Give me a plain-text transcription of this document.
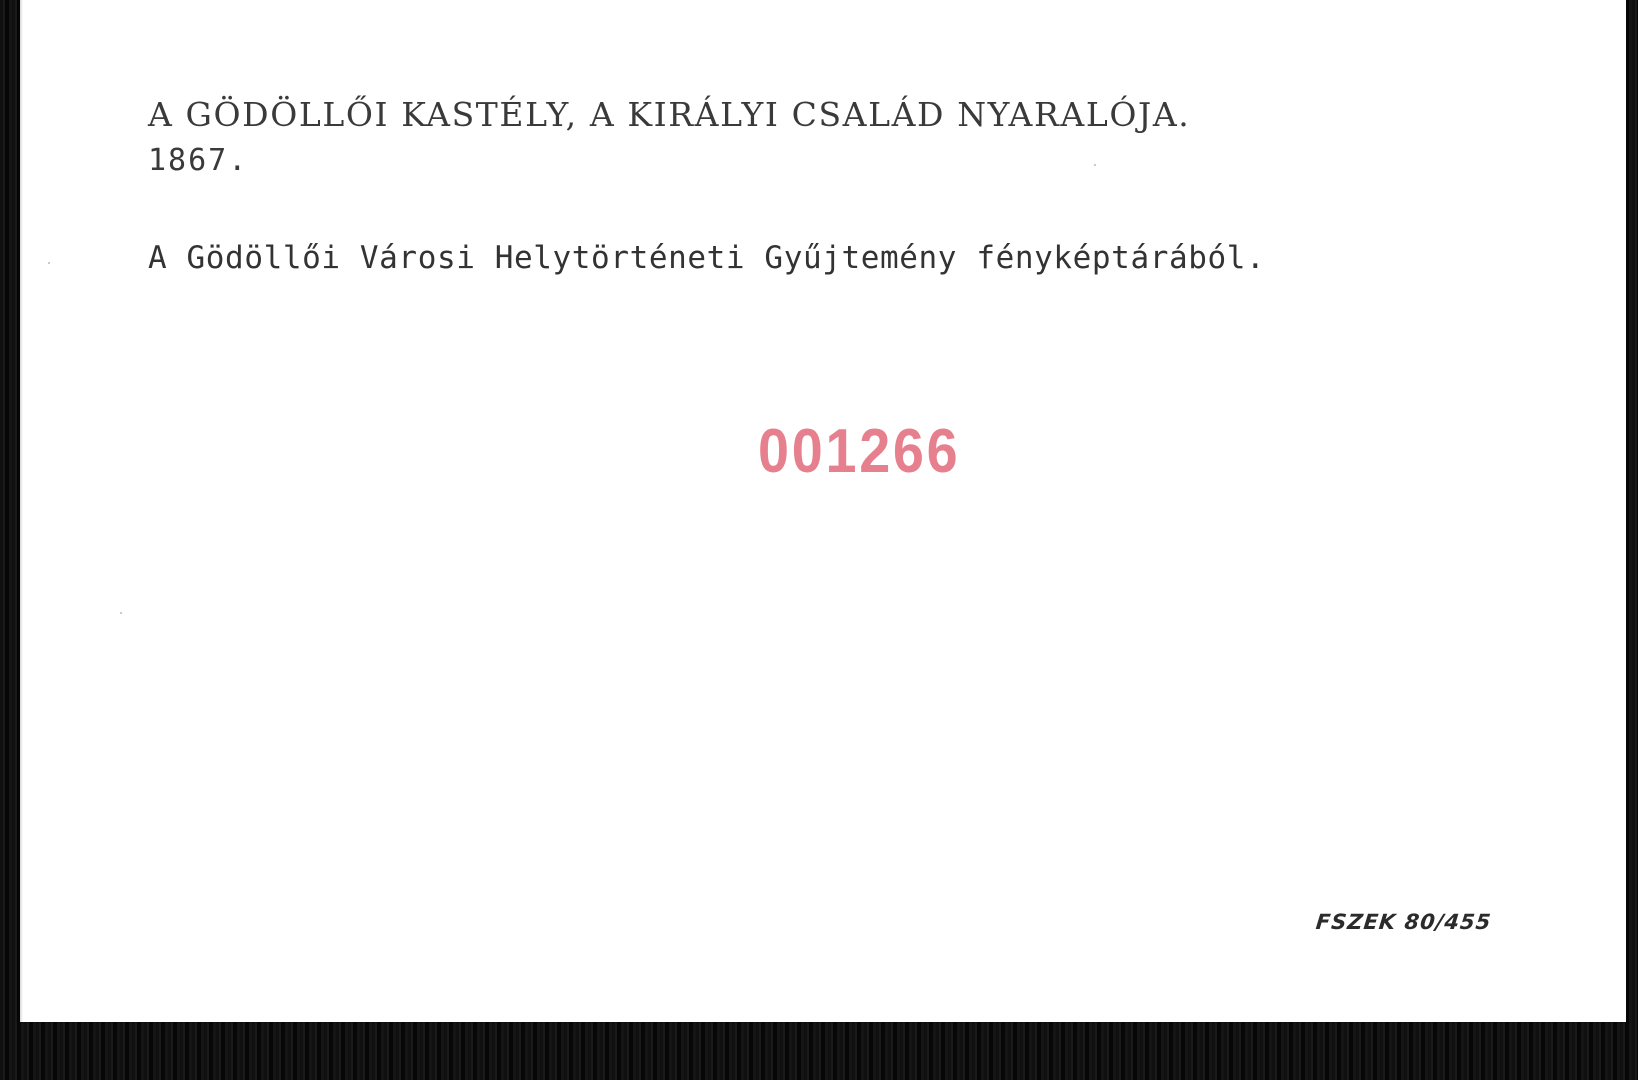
A GÖDÖLLŐI KASTÉLY, A KIRÁLYI CSALÁD NYARALÓJA.

1867.

A Gödöllői Városi Helytörténeti Gyűjtemény fényképtárából.

001266

FSZEK 80/455
